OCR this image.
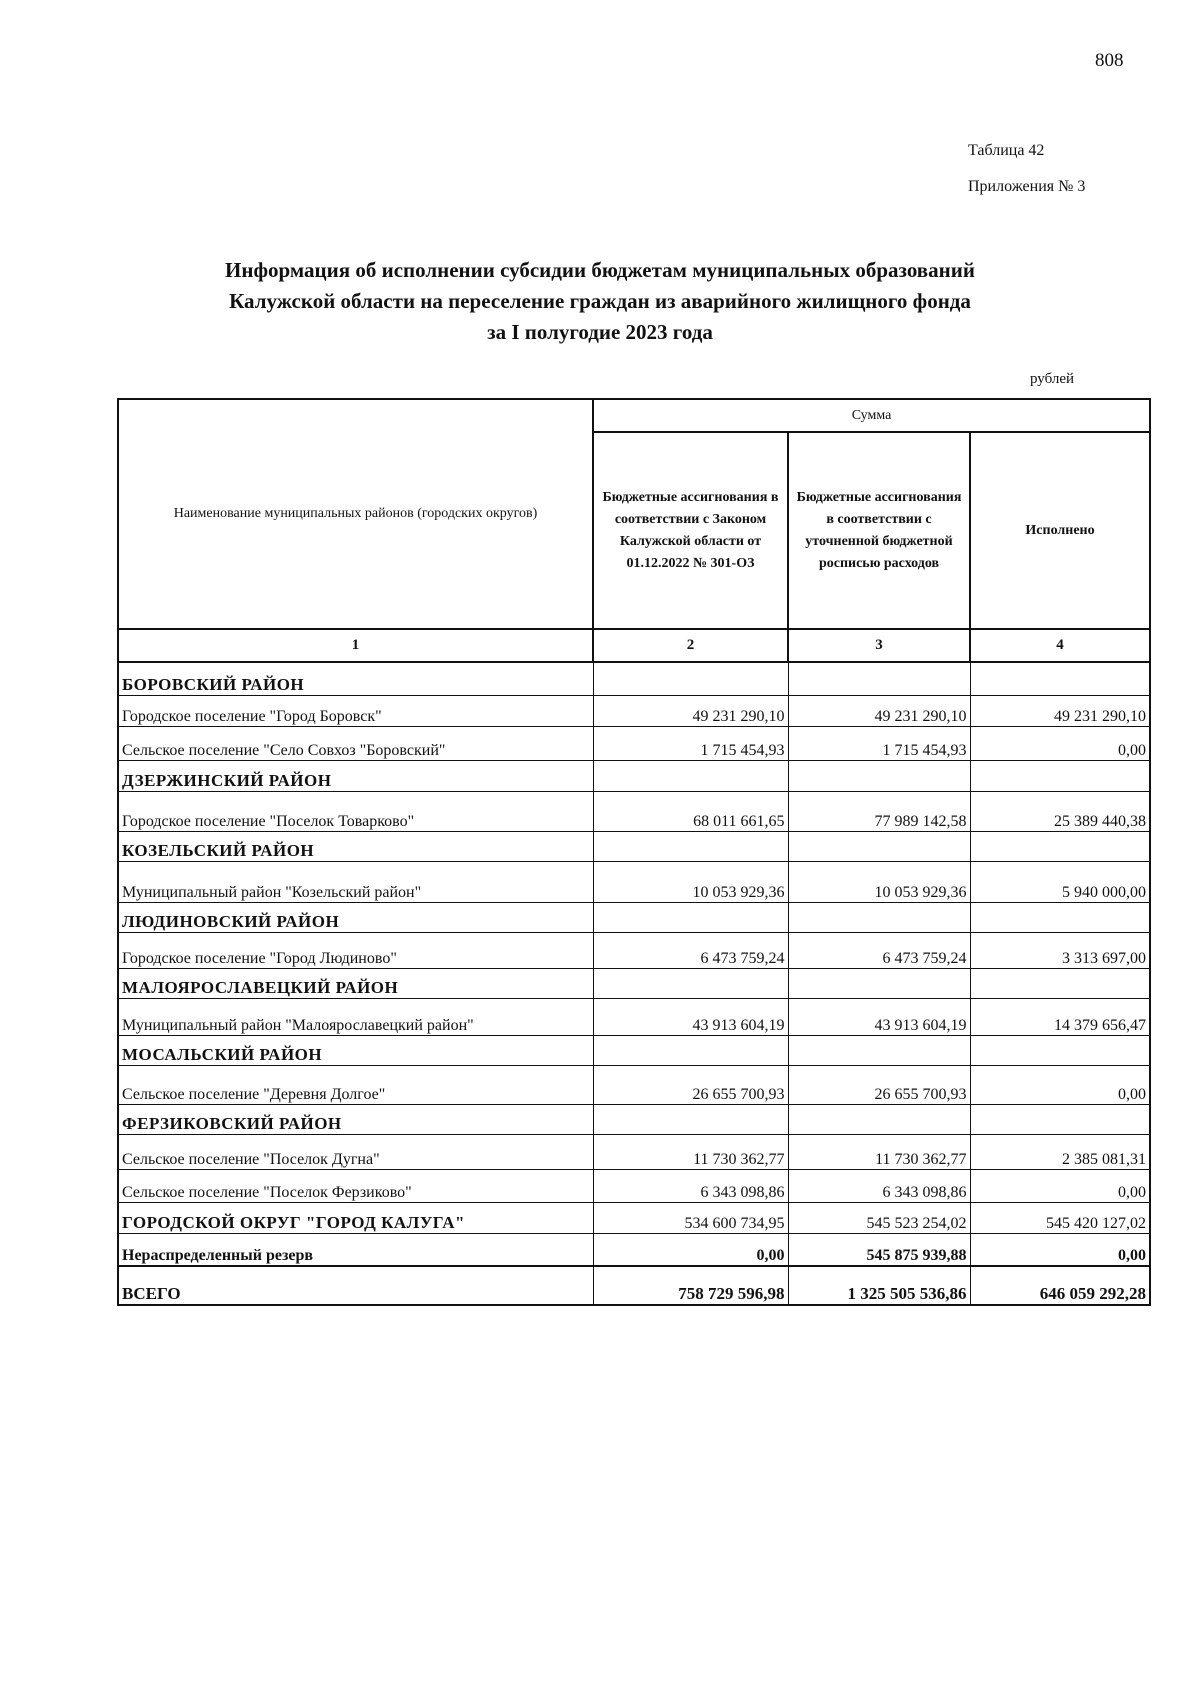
808
Таблица 42
Приложения № 3
Информация об исполнении субсидии бюджетам муниципальных образований
Калужской области на переселение граждан из аварийного жилищного фонда
за I полугодие 2023 года
рублей
Наименование муниципальных районов (городских округов)	Сумма		
	Бюджетные ассигнования в соответствии с Законом Калужской области от 01.12.2022 № 301-ОЗ	Бюджетные ассигнования в соответствии с уточненной бюджетной росписью расходов	Исполнено
1	2	3	4
БОРОВСКИЙ РАЙОН			
Городское поселение "Город Боровск"	49 231 290,10	49 231 290,10	49 231 290,10
Сельское поселение "Село Совхоз "Боровский"	1 715 454,93	1 715 454,93	0,00
ДЗЕРЖИНСКИЙ РАЙОН			
Городское поселение "Поселок Товарково"	68 011 661,65	77 989 142,58	25 389 440,38
КОЗЕЛЬСКИЙ РАЙОН			
Муниципальный район "Козельский район"	10 053 929,36	10 053 929,36	5 940 000,00
ЛЮДИНОВСКИЙ РАЙОН			
Городское поселение "Город Людиново"	6 473 759,24	6 473 759,24	3 313 697,00
МАЛОЯРОСЛАВЕЦКИЙ РАЙОН			
Муниципальный район "Малоярославецкий район"	43 913 604,19	43 913 604,19	14 379 656,47
МОСАЛЬСКИЙ РАЙОН			
Сельское поселение "Деревня Долгое"	26 655 700,93	26 655 700,93	0,00
ФЕРЗИКОВСКИЙ РАЙОН			
Сельское поселение "Поселок Дугна"	11 730 362,77	11 730 362,77	2 385 081,31
Сельское поселение "Поселок Ферзиково"	6 343 098,86	6 343 098,86	0,00
ГОРОДСКОЙ ОКРУГ "ГОРОД КАЛУГА"	534 600 734,95	545 523 254,02	545 420 127,02
Нераспределенный резерв	0,00	545 875 939,88	0,00
ВСЕГО	758 729 596,98	1 325 505 536,86	646 059 292,28
